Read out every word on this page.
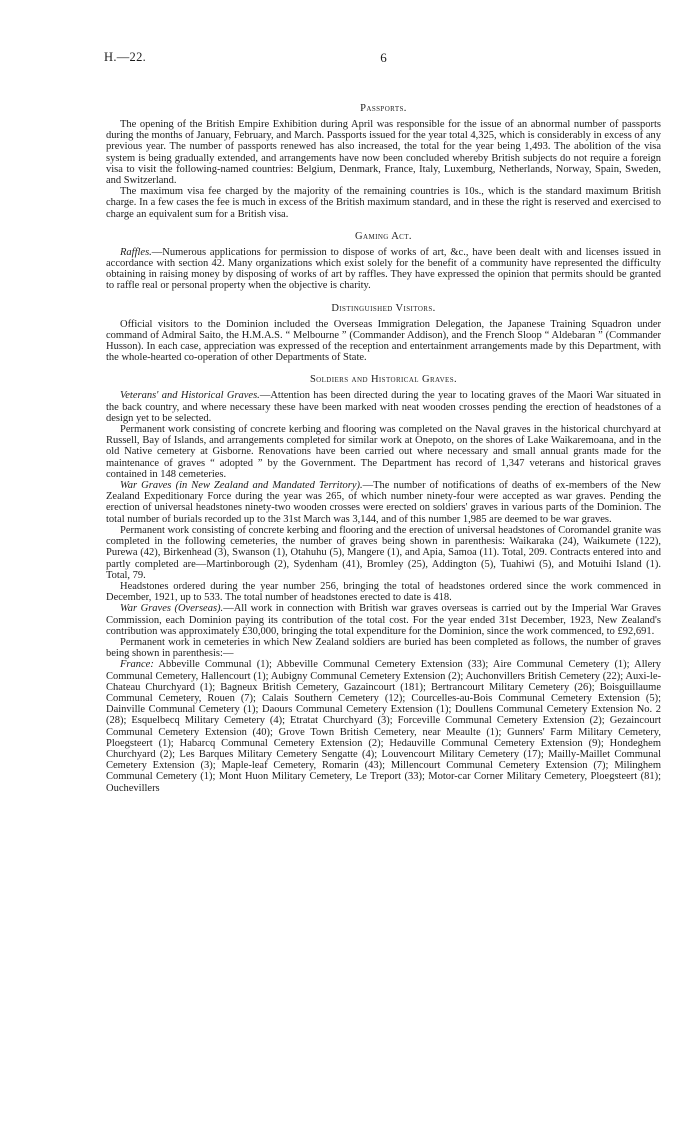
H.—22.	6
Passports.

The opening of the British Empire Exhibition during April was responsible for the issue of an abnormal number of passports during the months of January, February, and March. Passports issued for the year total 4,325, which is considerably in excess of any previous year. The number of passports renewed has also increased, the total for the year being 1,493. The abolition of the visa system is being gradually extended, and arrangements have now been concluded whereby British subjects do not require a foreign visa to visit the following-named countries: Belgium, Denmark, France, Italy, Luxemburg, Netherlands, Norway, Spain, Sweden, and Switzerland.

The maximum visa fee charged by the majority of the remaining countries is 10s., which is the standard maximum British charge. In a few cases the fee is much in excess of the British maximum standard, and in these the right is reserved and exercised to charge an equivalent sum for a British visa.

Gaming Act.

Raffles.—Numerous applications for permission to dispose of works of art, &c., have been dealt with and licenses issued in accordance with section 42. Many organizations which exist solely for the benefit of a community have represented the difficulty obtaining in raising money by disposing of works of art by raffles. They have expressed the opinion that permits should be granted to raffle real or personal property when the objective is charity.

Distinguished Visitors.

Official visitors to the Dominion included the Overseas Immigration Delegation, the Japanese Training Squadron under command of Admiral Saito, the H.M.A.S. “ Melbourne ” (Commander Addison), and the French Sloop “ Aldebaran ” (Commander Husson). In each case, appreciation was expressed of the reception and entertainment arrangements made by this Department, with the whole-hearted co-operation of other Departments of State.

Soldiers and Historical Graves.

Veterans' and Historical Graves.—Attention has been directed during the year to locating graves of the Maori War situated in the back country, and where necessary these have been marked with neat wooden crosses pending the erection of headstones of a design yet to be selected.

Permanent work consisting of concrete kerbing and flooring was completed on the Naval graves in the historical churchyard at Russell, Bay of Islands, and arrangements completed for similar work at Onepoto, on the shores of Lake Waikaremoana, and in the old Native cemetery at Gisborne. Renovations have been carried out where necessary and small annual grants made for the maintenance of graves “ adopted ” by the Government. The Department has record of 1,347 veterans and historical graves contained in 148 cemeteries.

War Graves (in New Zealand and Mandated Territory).—The number of notifications of deaths of ex-members of the New Zealand Expeditionary Force during the year was 265, of which number ninety-four were accepted as war graves. Pending the erection of universal headstones ninety-two wooden crosses were erected on soldiers' graves in various parts of the Dominion. The total number of burials recorded up to the 31st March was 3,144, and of this number 1,985 are deemed to be war graves.

Permanent work consisting of concrete kerbing and flooring and the erection of universal headstones of Coromandel granite was completed in the following cemeteries, the number of graves being shown in parenthesis: Waikaraka (24), Waikumete (122), Purewa (42), Birkenhead (3), Swanson (1), Otahuhu (5), Mangere (1), and Apia, Samoa (11). Total, 209. Contracts entered into and partly completed are—Martinborough (2), Sydenham (41), Bromley (25), Addington (5), Tuahiwi (5), and Motuihi Island (1). Total, 79.

Headstones ordered during the year number 256, bringing the total of headstones ordered since the work commenced in December, 1921, up to 533. The total number of headstones erected to date is 418.

War Graves (Overseas).—All work in connection with British war graves overseas is carried out by the Imperial War Graves Commission, each Dominion paying its contribution of the total cost. For the year ended 31st December, 1923, New Zealand's contribution was approximately £30,000, bringing the total expenditure for the Dominion, since the work commenced, to £92,691.

Permanent work in cemeteries in which New Zealand soldiers are buried has been completed as follows, the number of graves being shown in parenthesis:—

France: Abbeville Communal (1); Abbeville Communal Cemetery Extension (33); Aire Communal Cemetery (1); Allery Communal Cemetery, Hallencourt (1); Aubigny Communal Cemetery Extension (2); Auchonvillers British Cemetery (22); Auxi-le-Chateau Churchyard (1); Bagneux British Cemetery, Gazaincourt (181); Bertrancourt Military Cemetery (26); Boisguillaume Communal Cemetery, Rouen (7); Calais Southern Cemetery (12); Courcelles-au-Bois Communal Cemetery Extension (5); Dainville Communal Cemetery (1); Daours Communal Cemetery Extension (1); Doullens Communal Cemetery Extension No. 2 (28); Esquelbecq Military Cemetery (4); Etratat Churchyard (3); Forceville Communal Cemetery Extension (2); Gezaincourt Communal Cemetery Extension (40); Grove Town British Cemetery, near Meaulte (1); Gunners' Farm Military Cemetery, Ploegsteert (1); Habarcq Communal Cemetery Extension (2); Hedauville Communal Cemetery Extension (9); Hondeghem Churchyard (2); Les Barques Military Cemetery Sengatte (4); Louvencourt Military Cemetery (17); Mailly-Maillet Communal Cemetery Extension (3); Maple-leaf Cemetery, Romarin (43); Millencourt Communal Cemetery Extension (7); Milinghem Communal Cemetery (1); Mont Huon Military Cemetery, Le Treport (33); Motor-car Corner Military Cemetery, Ploegsteert (81); Ouchevillers
